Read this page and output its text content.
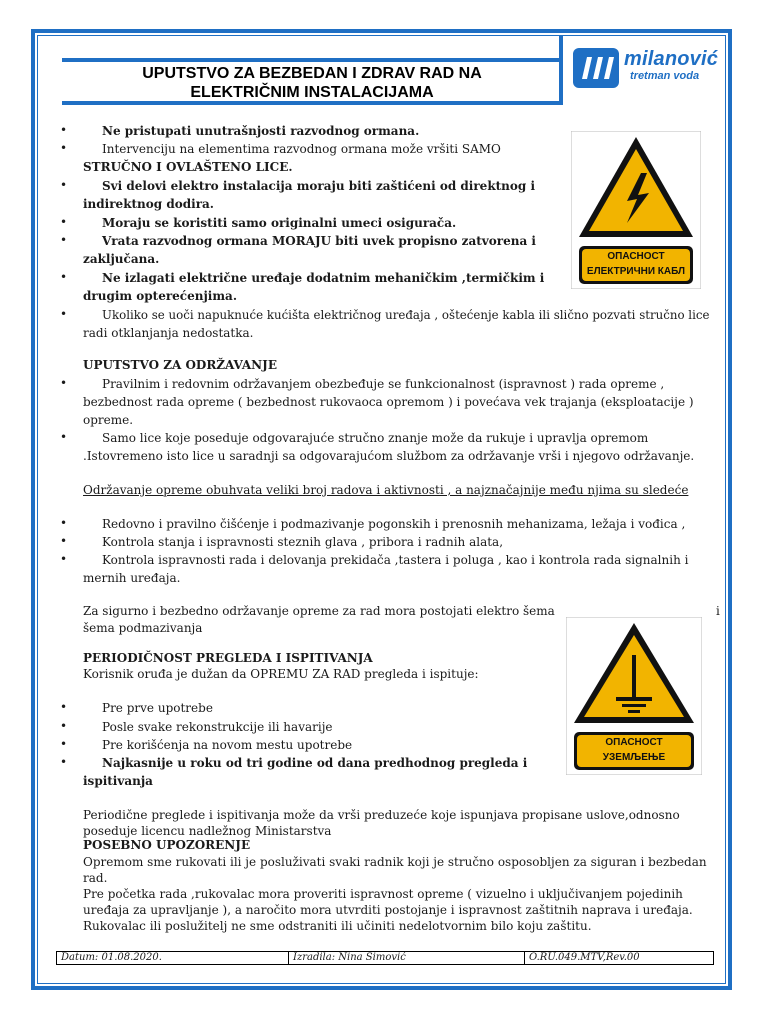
UPUTSTVO ZA BEZBEDAN I ZDRAV RAD NA
ELEKTRIČNIM INSTALACIJAMA
milanović
tretman voda
ОПАСНОСТ
ЕЛЕКТРИЧНИ КАБЛ
ОПАСНОСТ
УЗЕМЉЕЊЕ
•
•
•
•
•
•
•
•
•
•
•
•
•
•
•
•
Ne pristupati unutrašnjosti razvodnog ormana.
Intervenciju na elementima razvodnog ormana može vršiti SAMO
STRUČNO I OVLAŠTENO LICE.
Svi delovi elektro instalacija moraju biti zaštićeni od direktnog i
indirektnog dodira.
Moraju se koristiti samo originalni umeci osigurača.
Vrata razvodnog ormana MORAJU biti uvek propisno zatvorena i
zaključana.
Ne izlagati električne uređaje dodatnim mehaničkim ,termičkim i
drugim opterećenjima.
Ukoliko se uoči napuknuće kućišta električnog uređaja , oštećenje kabla ili slično pozvati stručno lice
radi otklanjanja nedostatka.
UPUTSTVO ZA ODRŽAVANJE
Pravilnim i redovnim održavanjem obezbeđuje se funkcionalnost (ispravnost ) rada opreme ,
bezbednost rada opreme ( bezbednost rukovaoca opremom ) i povećava vek trajanja (eksploatacije )
opreme.
Samo lice koje poseduje odgovarajuće stručno znanje može da rukuje i upravlja opremom
.Istovremeno isto lice u saradnji sa odgovarajućom službom za održavanje vrši i njegovo održavanje.
Održavanje opreme obuhvata veliki broj radova i aktivnosti , a najznačajnije među njima su sledeće
Redovno i pravilno čišćenje i podmazivanje pogonskih i prenosnih mehanizama, ležaja i vođica ,
Kontrola stanja i ispravnosti steznih glava , pribora i radnih alata,
Kontrola ispravnosti rada i delovanja prekidača ,tastera i poluga , kao i kontrola rada signalnih i
mernih uređaja.
Za sigurno i bezbedno održavanje opreme za rad mora postojati elektro šema	i
šema podmazivanja
PERIODIČNOST PREGLEDA I ISPITIVANJA
Korisnik oruđa je dužan da OPREMU ZA RAD pregleda i ispituje:
Pre prve upotrebe
Posle svake rekonstrukcije ili havarije
Pre korišćenja na novom mestu upotrebe
Najkasnije u roku od tri godine od dana predhodnog pregleda i
ispitivanja
Periodične preglede i ispitivanja može da vrši preduzeće koje ispunjava propisane uslove,odnosno
poseduje licencu nadležnog Ministarstva
POSEBNO UPOZORENJE
Opremom sme rukovati ili je posluživati svaki radnik koji je stručno osposobljen za siguran i bezbedan
rad.
Pre početka rada ,rukovalac mora proveriti ispravnost opreme ( vizuelno i uključivanjem pojedinih
uređaja za upravljanje ), a naročito mora utvrditi postojanje i ispravnost zaštitnih naprava i uređaja.
Rukovalac ili poslužitelj ne sme odstraniti ili učiniti nedelotvornim bilo koju zaštitu.
Datum: 01.08.2020.	Izradila: Nina Simović	O.RU.049.MTV,Rev.00
